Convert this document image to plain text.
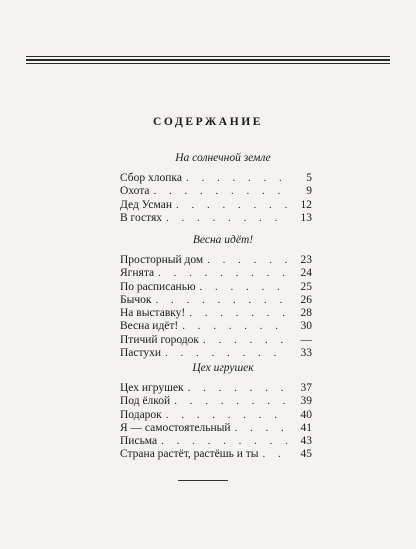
СОДЕРЖАНИЕ
На солнечной земле
Сбор хлопка . . .	5
Охота . . .	9
Дед Усман . . .	12
В гостях . . .	13
Весна идёт!
Просторный дом . . .	23
Ягнята . . .	24
По расписанью . . .	25
Бычок . . .	26
На выставку! . . .	28
Весна идёт! . . .	30
Птичий городок . . .	—
Пастухи . . .	33
Цех игрушек
Цех игрушек . . .	37
Под ёлкой . . .	39
Подарок . . .	40
Я — самостоятельный . . .	41
Письма . . .	43
Страна растёт, растёшь и ты . . .	45
